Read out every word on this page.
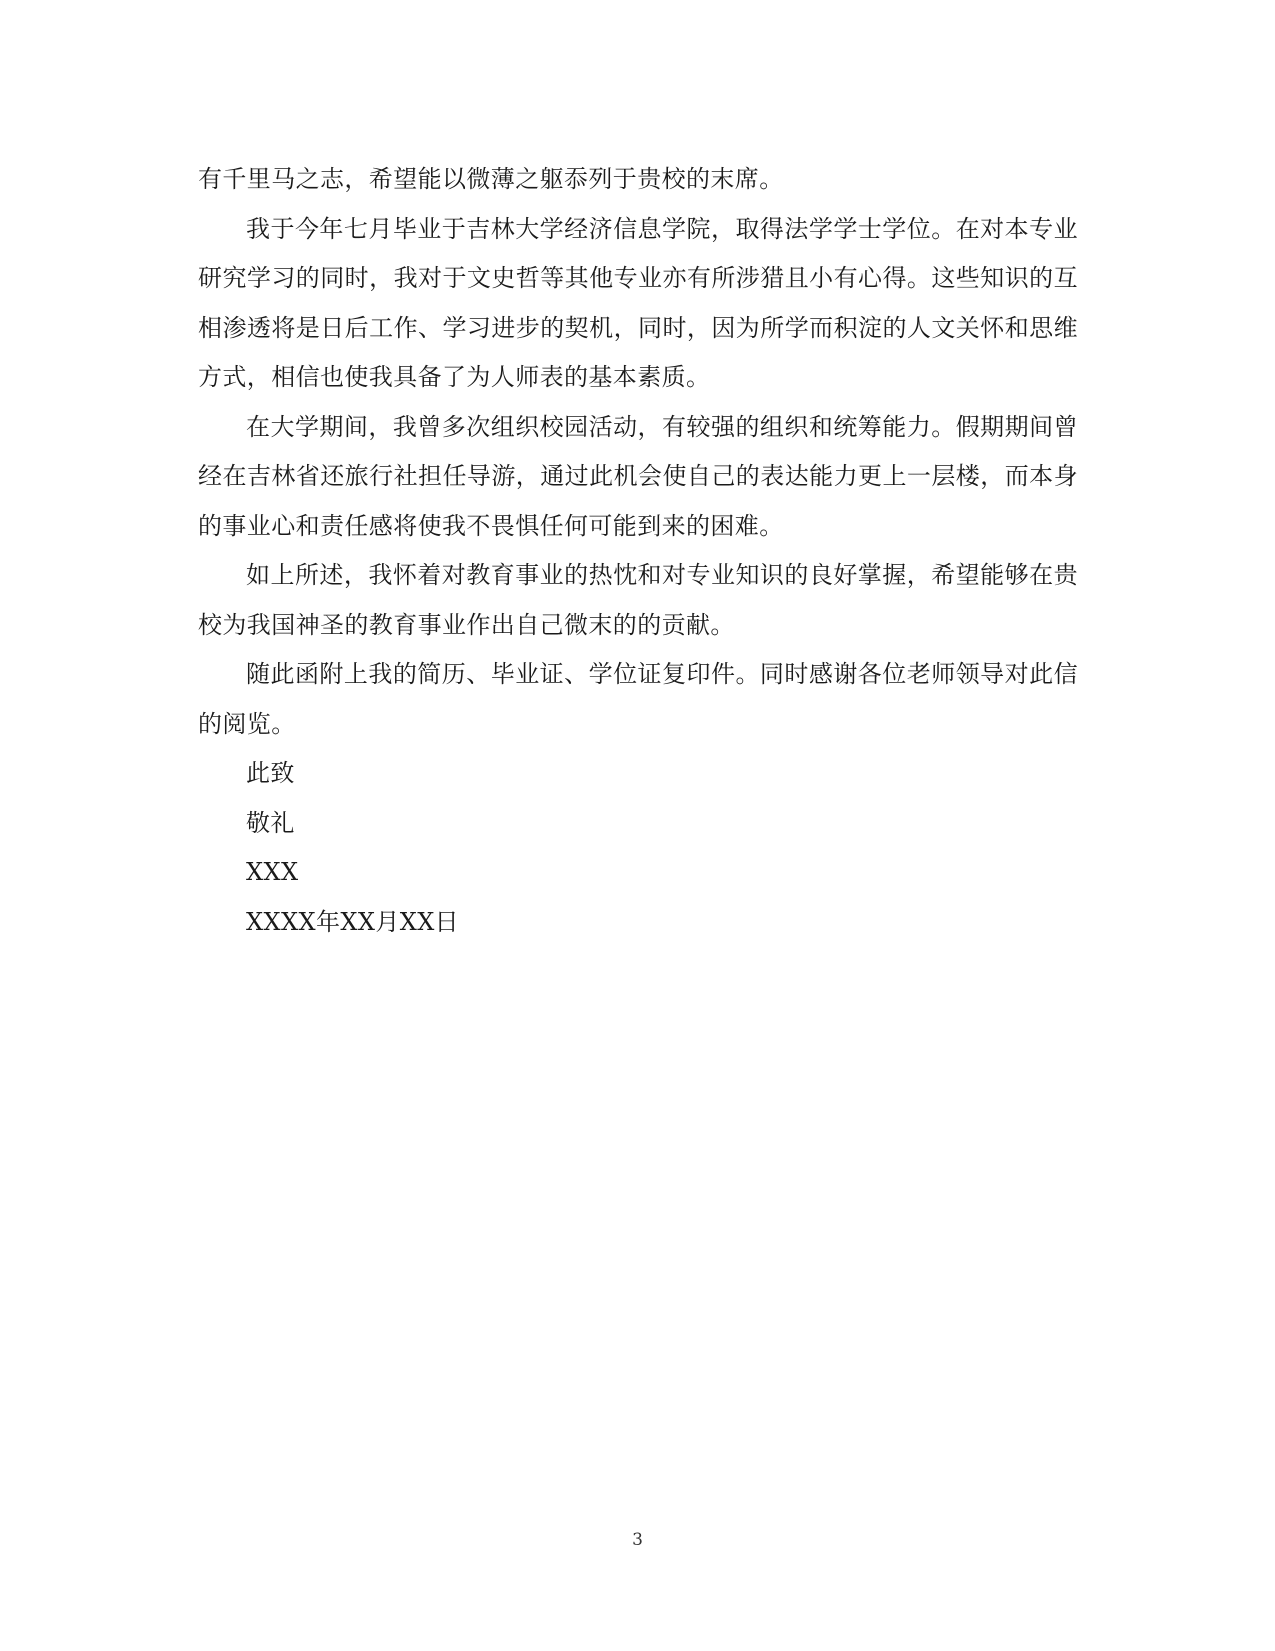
有千里马之志，希望能以微薄之躯忝列于贵校的末席。

我于今年七月毕业于吉林大学经济信息学院，取得法学学士学位。在对本专业研究学习的同时，我对于文史哲等其他专业亦有所涉猎且小有心得。这些知识的互相渗透将是日后工作、学习进步的契机，同时，因为所学而积淀的人文关怀和思维方式，相信也使我具备了为人师表的基本素质。

在大学期间，我曾多次组织校园活动，有较强的组织和统筹能力。假期期间曾经在吉林省还旅行社担任导游，通过此机会使自己的表达能力更上一层楼，而本身的事业心和责任感将使我不畏惧任何可能到来的困难。

如上所述，我怀着对教育事业的热忱和对专业知识的良好掌握，希望能够在贵校为我国神圣的教育事业作出自己微末的的贡献。

随此函附上我的简历、毕业证、学位证复印件。同时感谢各位老师领导对此信的阅览。

此致

敬礼

XXX

XXXX年XX月XX日

3
